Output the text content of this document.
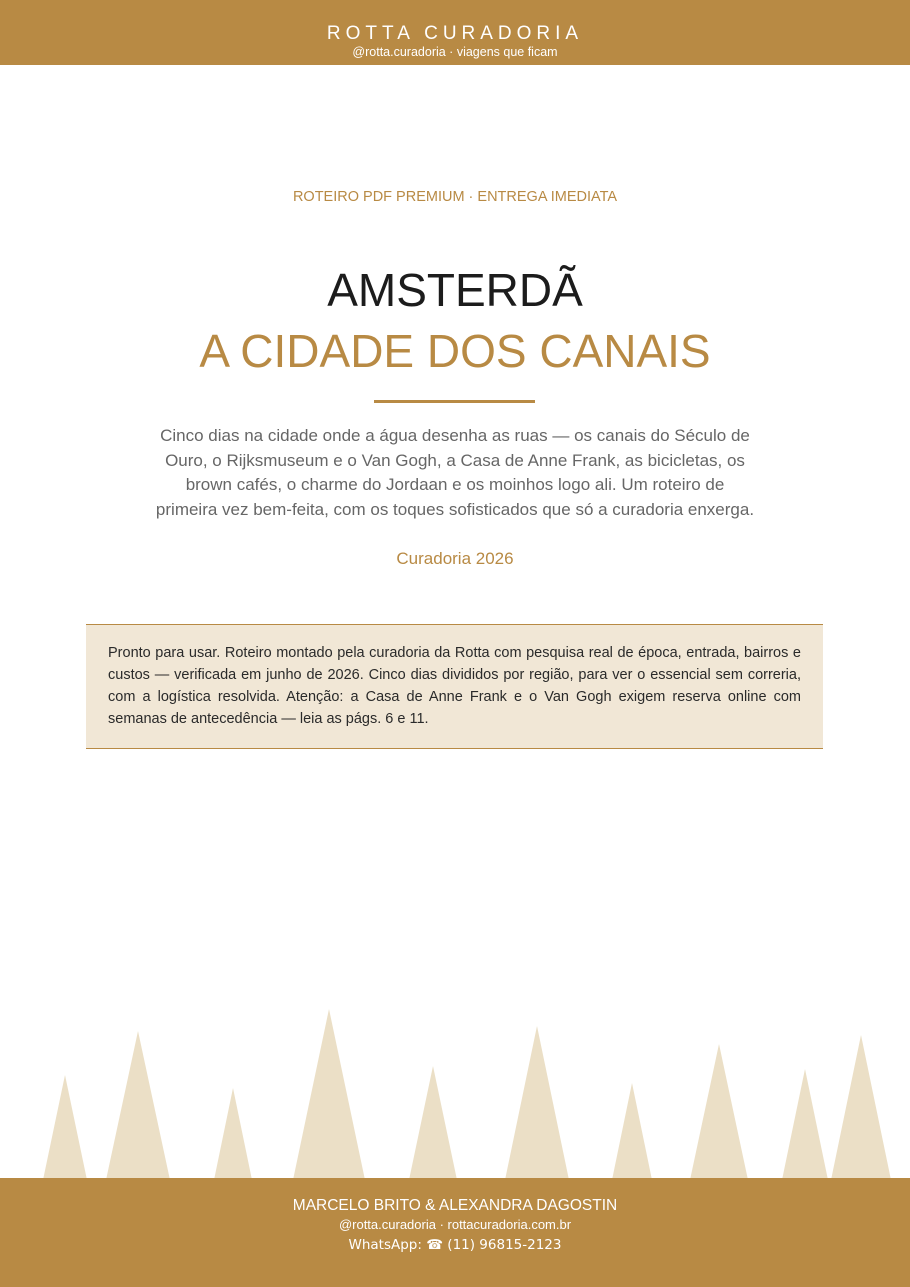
ROTTA CURADORIA
@rotta.curadoria · viagens que ficam
ROTEIRO PDF PREMIUM · ENTREGA IMEDIATA
AMSTERDÃ
A CIDADE DOS CANAIS

Cinco dias na cidade onde a água desenha as ruas — os canais do Século de Ouro, o Rijksmuseum e o Van Gogh, a Casa de Anne Frank, as bicicletas, os brown cafés, o charme do Jordaan e os moinhos logo ali. Um roteiro de primeira vez bem-feita, com os toques sofisticados que só a curadoria enxerga.

Curadoria 2026

Pronto para usar. Roteiro montado pela curadoria da Rotta com pesquisa real de época, entrada, bairros e custos — verificada em junho de 2026. Cinco dias divididos por região, para ver o essencial sem correria, com a logística resolvida. Atenção: a Casa de Anne Frank e o Van Gogh exigem reserva online com semanas de antecedência — leia as págs. 6 e 11.

MARCELO BRITO & ALEXANDRA DAGOSTIN
@rotta.curadoria · rottacuradoria.com.br
WhatsApp: ☎ (11) 96815-2123
